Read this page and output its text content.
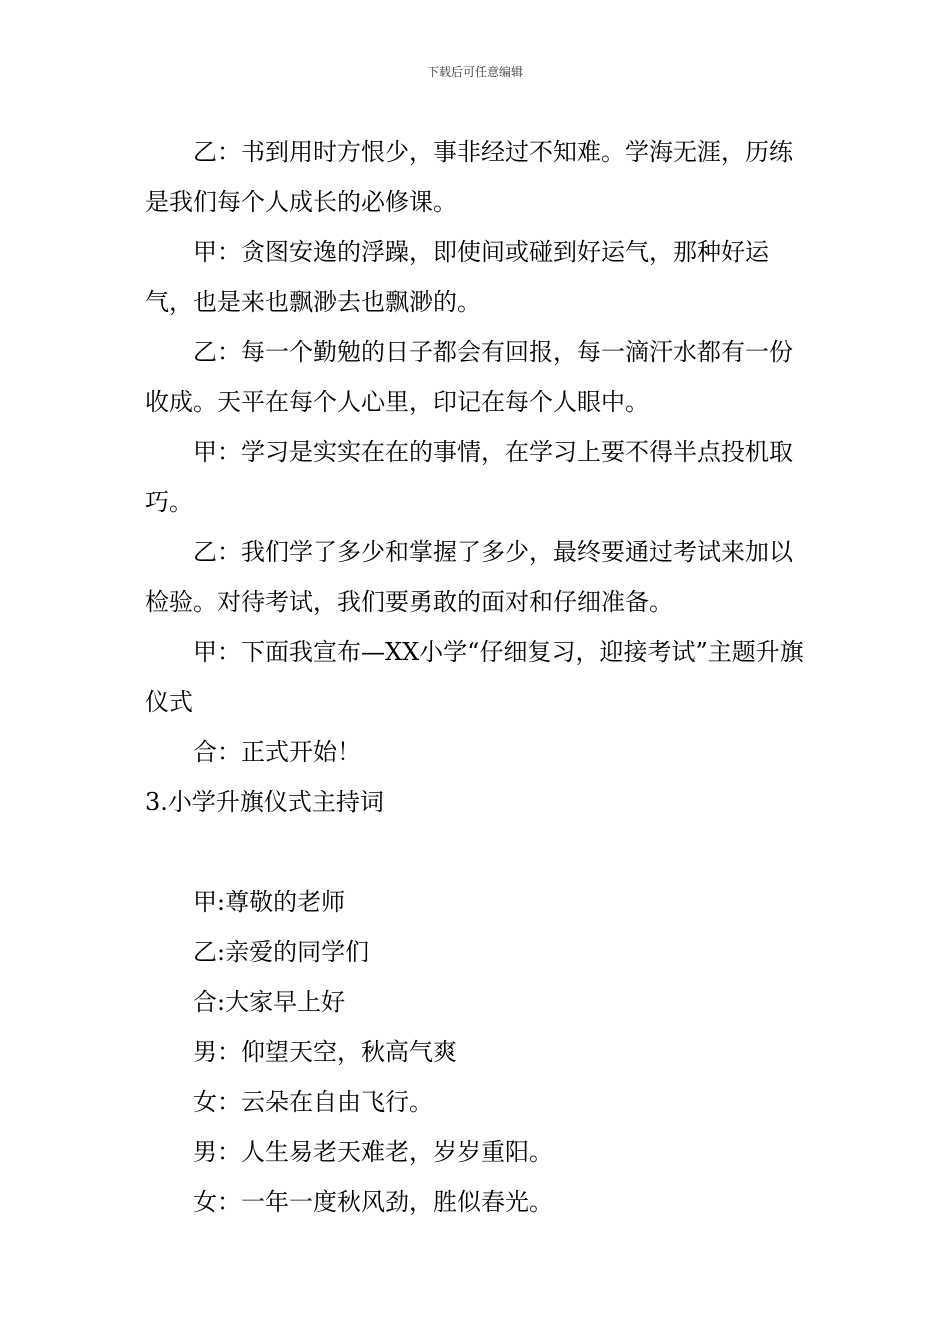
下载后可任意编辑

乙：书到用时方恨少，事非经过不知难。学海无涯，历练是我们每个人成长的必修课。

甲：贪图安逸的浮躁，即使间或碰到好运气，那种好运气，也是来也飘渺去也飘渺的。

乙：每一个勤勉的日子都会有回报，每一滴汗水都有一份收成。天平在每个人心里，印记在每个人眼中。

甲：学习是实实在在的事情，在学习上要不得半点投机取巧。

乙：我们学了多少和掌握了多少，最终要通过考试来加以检验。对待考试，我们要勇敢的面对和仔细准备。

甲：下面我宣布—XX小学“仔细复习，迎接考试”主题升旗仪式

合：正式开始！

3.小学升旗仪式主持词

甲:尊敬的老师

乙:亲爱的同学们

合:大家早上好

男：仰望天空，秋高气爽

女：云朵在自由飞行。

男：人生易老天难老，岁岁重阳。

女：一年一度秋风劲，胜似春光。
